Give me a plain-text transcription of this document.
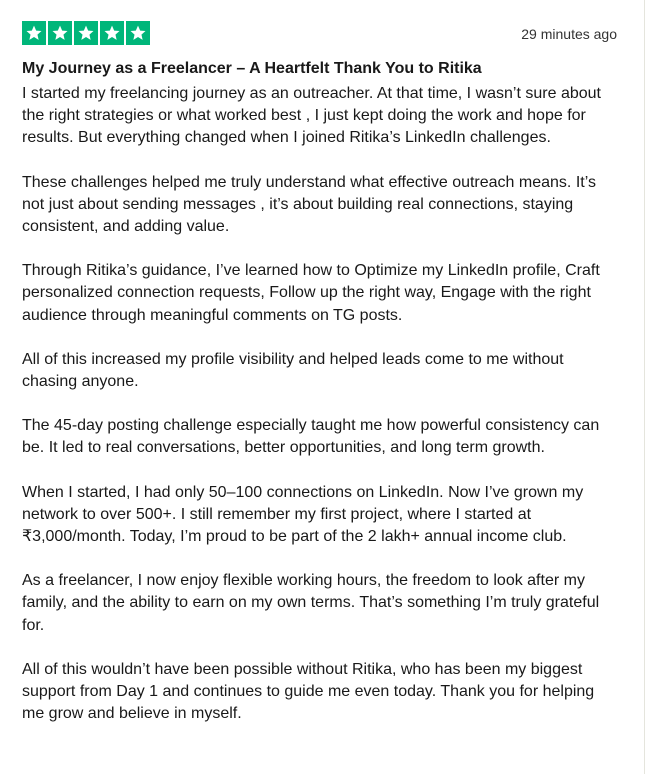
29 minutes ago
My Journey as a Freelancer – A Heartfelt Thank You to Ritika

I started my freelancing journey as an outreacher. At that time, I wasn’t sure about the right strategies or what worked best , I just kept doing the work and hope for results. But everything changed when I joined Ritika’s LinkedIn challenges.

These challenges helped me truly understand what effective outreach means. It’s not just about sending messages , it’s about building real connections, staying consistent, and adding value.

Through Ritika’s guidance, I’ve learned how to Optimize my LinkedIn profile, Craft personalized connection requests, Follow up the right way, Engage with the right audience through meaningful comments on TG posts.

All of this increased my profile visibility and helped leads come to me without chasing anyone.

The 45-day posting challenge especially taught me how powerful consistency can be. It led to real conversations, better opportunities, and long term growth.

When I started, I had only 50–100 connections on LinkedIn. Now I’ve grown my network to over 500+. I still remember my first project, where I started at ₹3,000/month. Today, I’m proud to be part of the 2 lakh+ annual income club.

As a freelancer, I now enjoy flexible working hours, the freedom to look after my family, and the ability to earn on my own terms. That’s something I’m truly grateful for.

All of this wouldn’t have been possible without Ritika, who has been my biggest support from Day 1 and continues to guide me even today. Thank you for helping me grow and believe in myself.
